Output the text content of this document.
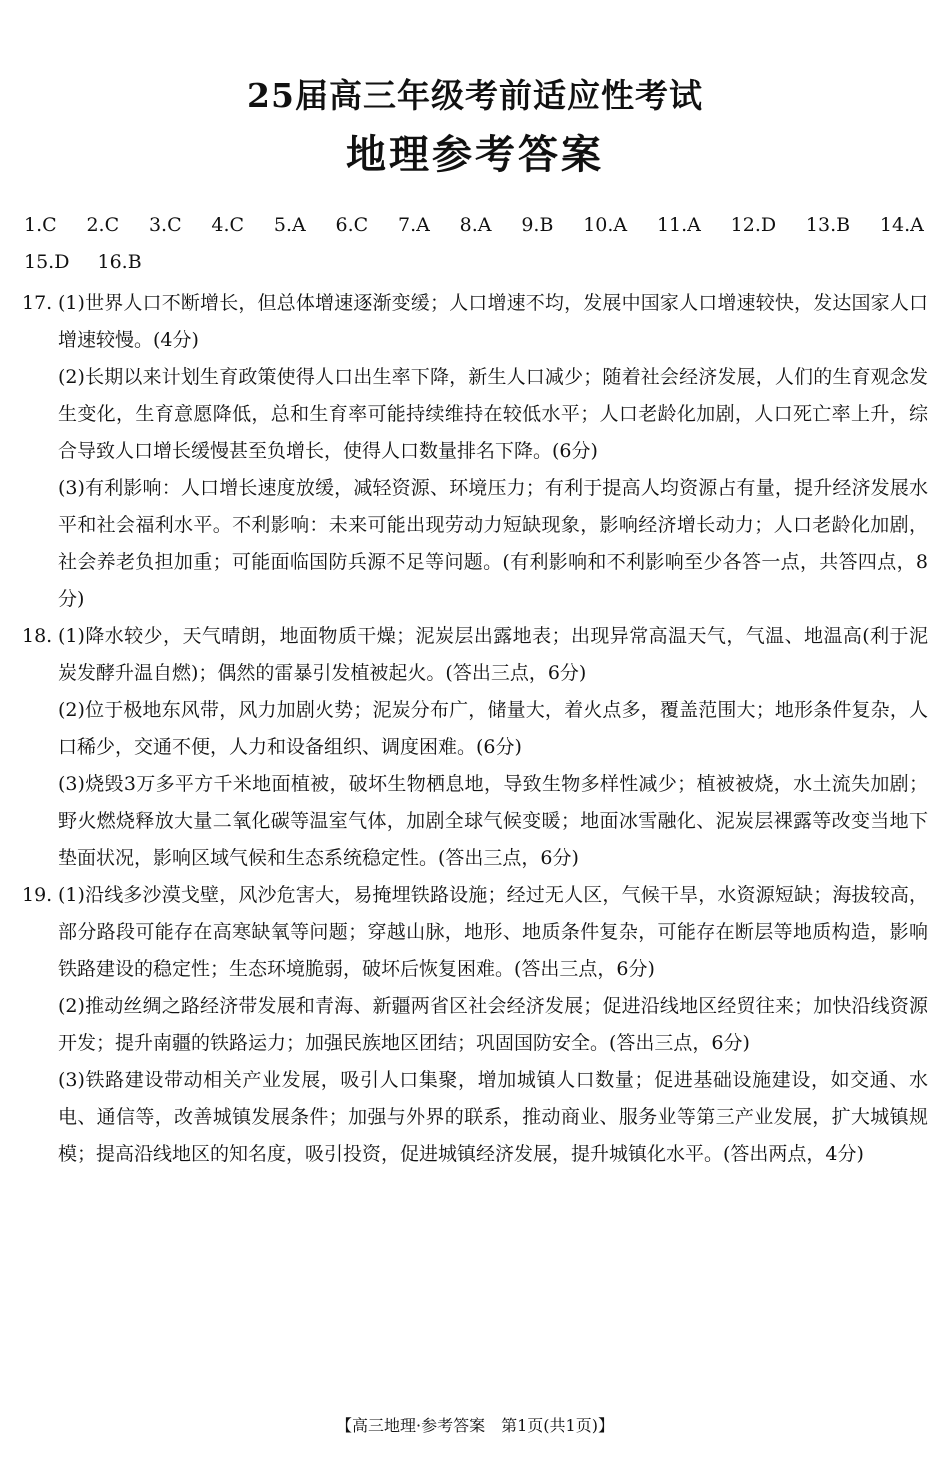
25届高三年级考前适应性考试
地理参考答案
1.C 2.C 3.C 4.C 5.A 6.C 7.A 8.A 9.B 10.A 11.A 12.D 13.B 14.A
15.D 16.B
17. (1)世界人口不断增长，但总体增速逐渐变缓；人口增速不均，发展中国家人口增速较快，发达国家人口增速较慢。(4分)

(2)长期以来计划生育政策使得人口出生率下降，新生人口减少；随着社会经济发展，人们的生育观念发生变化，生育意愿降低，总和生育率可能持续维持在较低水平；人口老龄化加剧，人口死亡率上升，综合导致人口增长缓慢甚至负增长，使得人口数量排名下降。(6分)

(3)有利影响：人口增长速度放缓，减轻资源、环境压力；有利于提高人均资源占有量，提升经济发展水平和社会福利水平。不利影响：未来可能出现劳动力短缺现象，影响经济增长动力；人口老龄化加剧，社会养老负担加重；可能面临国防兵源不足等问题。(有利影响和不利影响至少各答一点，共答四点，8分)

18. (1)降水较少，天气晴朗，地面物质干燥；泥炭层出露地表；出现异常高温天气，气温、地温高(利于泥炭发酵升温自燃)；偶然的雷暴引发植被起火。(答出三点，6分)

(2)位于极地东风带，风力加剧火势；泥炭分布广，储量大，着火点多，覆盖范围大；地形条件复杂，人口稀少，交通不便，人力和设备组织、调度困难。(6分)

(3)烧毁3万多平方千米地面植被，破坏生物栖息地，导致生物多样性减少；植被被烧，水土流失加剧；野火燃烧释放大量二氧化碳等温室气体，加剧全球气候变暖；地面冰雪融化、泥炭层裸露等改变当地下垫面状况，影响区域气候和生态系统稳定性。(答出三点，6分)

19. (1)沿线多沙漠戈壁，风沙危害大，易掩埋铁路设施；经过无人区，气候干旱，水资源短缺；海拔较高，部分路段可能存在高寒缺氧等问题；穿越山脉，地形、地质条件复杂，可能存在断层等地质构造，影响铁路建设的稳定性；生态环境脆弱，破坏后恢复困难。(答出三点，6分)

(2)推动丝绸之路经济带发展和青海、新疆两省区社会经济发展；促进沿线地区经贸往来；加快沿线资源开发；提升南疆的铁路运力；加强民族地区团结；巩固国防安全。(答出三点，6分)

(3)铁路建设带动相关产业发展，吸引人口集聚，增加城镇人口数量；促进基础设施建设，如交通、水电、通信等，改善城镇发展条件；加强与外界的联系，推动商业、服务业等第三产业发展，扩大城镇规模；提高沿线地区的知名度，吸引投资，促进城镇经济发展，提升城镇化水平。(答出两点，4分)

【高三地理·参考答案　第1页(共1页)】
